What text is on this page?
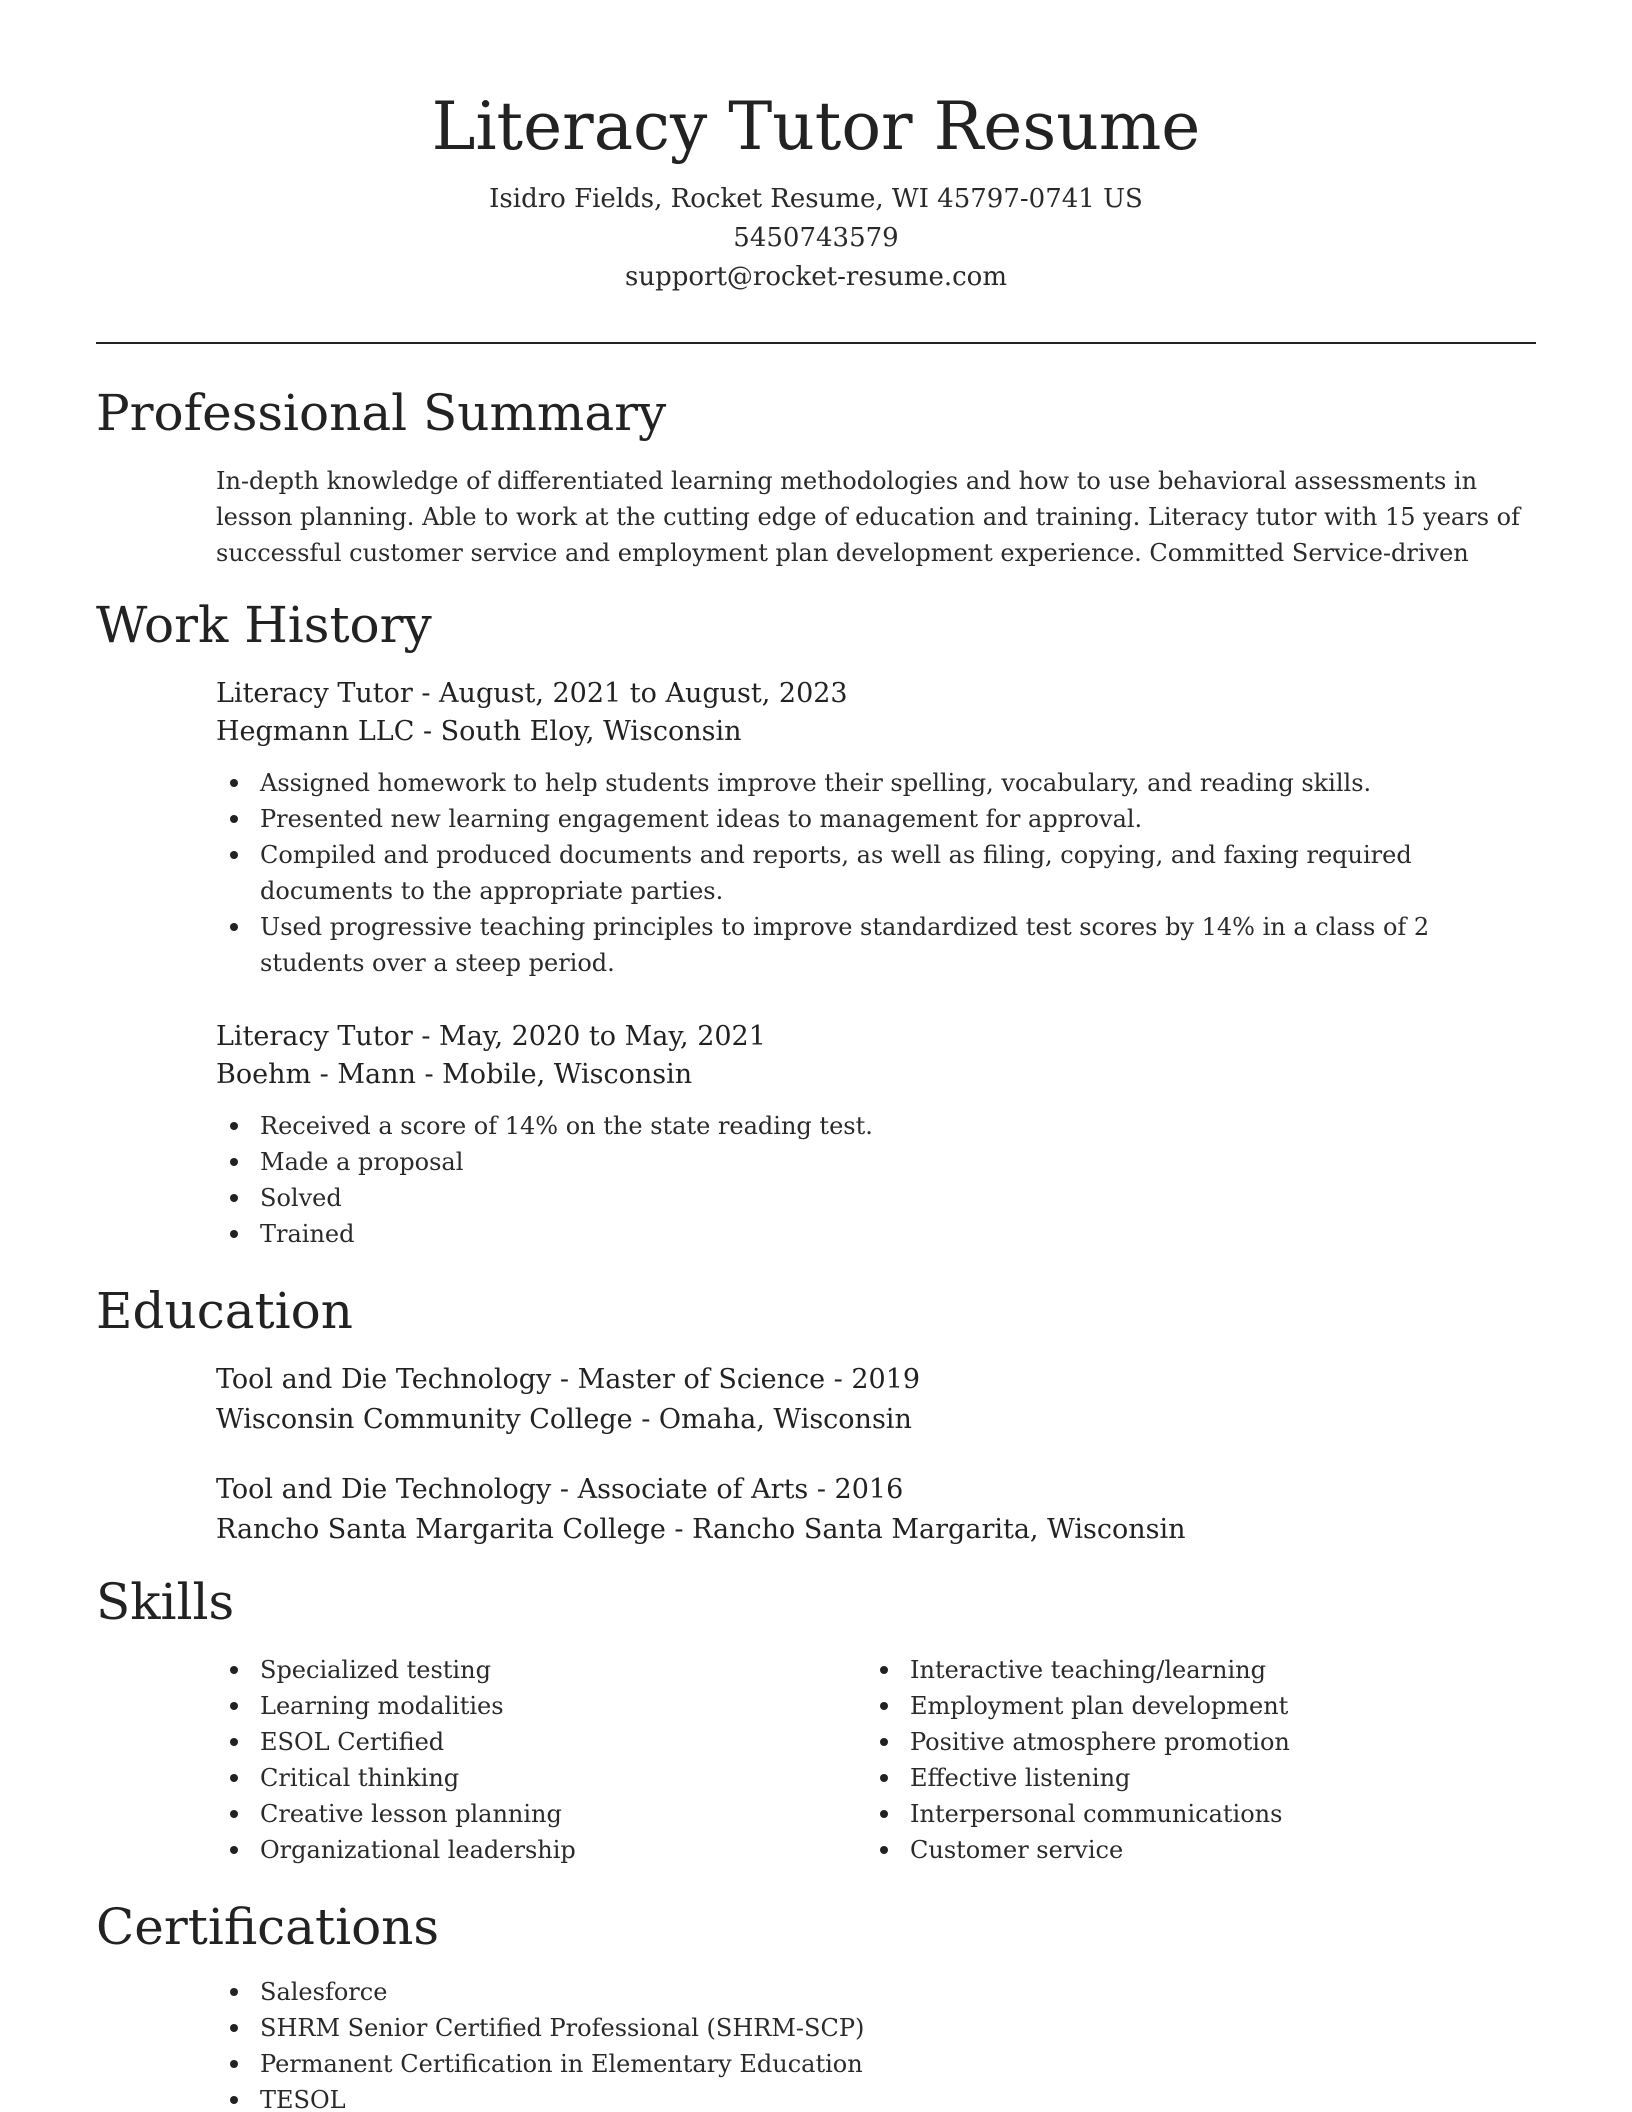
Literacy Tutor Resume
Isidro Fields, Rocket Resume, WI 45797-0741 US
5450743579
support@rocket-resume.com
Professional Summary

In-depth knowledge of differentiated learning methodologies and how to use behavioral assessments in lesson planning. Able to work at the cutting edge of education and training. Literacy tutor with 15 years of successful customer service and employment plan development experience. Committed Service-driven

Work History
Literacy Tutor - August, 2021 to August, 2023
Hegmann LLC - South Eloy, Wisconsin
Assigned homework to help students improve their spelling, vocabulary, and reading skills.
Presented new learning engagement ideas to management for approval.
Compiled and produced documents and reports, as well as filing, copying, and faxing required documents to the appropriate parties.
Used progressive teaching principles to improve standardized test scores by 14% in a class of 2 students over a steep period.
Literacy Tutor - May, 2020 to May, 2021
Boehm - Mann - Mobile, Wisconsin
Received a score of 14% on the state reading test.
Made a proposal
Solved
Trained
Education
Tool and Die Technology - Master of Science - 2019
Wisconsin Community College - Omaha, Wisconsin
Tool and Die Technology - Associate of Arts - 2016
Rancho Santa Margarita College - Rancho Santa Margarita, Wisconsin
Skills
Specialized testing
Learning modalities
ESOL Certified
Critical thinking
Creative lesson planning
Organizational leadership
Interactive teaching/learning
Employment plan development
Positive atmosphere promotion
Effective listening
Interpersonal communications
Customer service
Certifications
Salesforce
SHRM Senior Certified Professional (SHRM-SCP)
Permanent Certification in Elementary Education
TESOL
